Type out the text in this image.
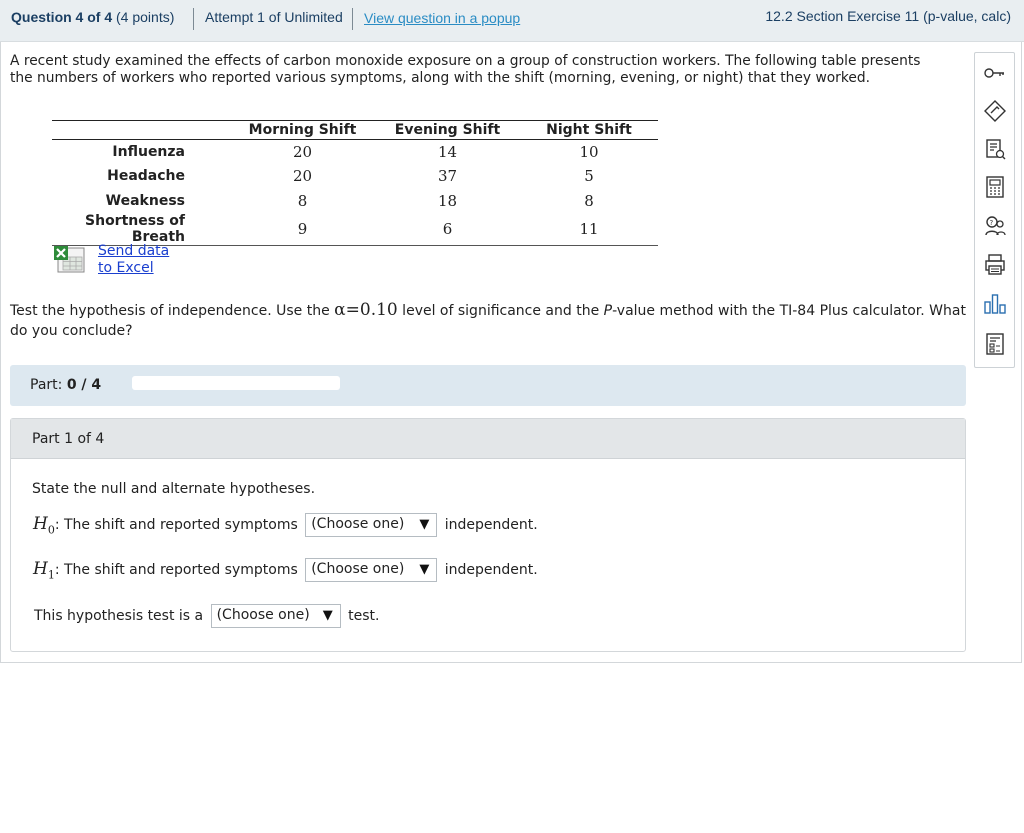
Question 4 of 4 (4 points) Attempt 1 of Unlimited View question in a popup	12.2 Section Exercise 11 (p-value, calc)
A recent study examined the effects of carbon monoxide exposure on a group of construction workers. The following table presents the numbers of workers who reported various symptoms, along with the shift (morning, evening, or night) that they worked.
	Morning Shift	Evening Shift	Night Shift
Influenza	20	14	10
Headache	20	37	5
Weakness	8	18	8
Shortness of Breath	9	6	11
Send data
to Excel
Test the hypothesis of independence. Use the α=0.10 level of significance and the P-value method with the TI-84 Plus calculator. What do you conclude?
Part: 0 / 4
Part 1 of 4
State the null and alternate hypotheses.
$H_0$: The shift and reported symptoms (Choose one) ▼ independent.
$H_1$: The shift and reported symptoms (Choose one) ▼ independent.
This hypothesis test is a (Choose one) ▼ test.
?
